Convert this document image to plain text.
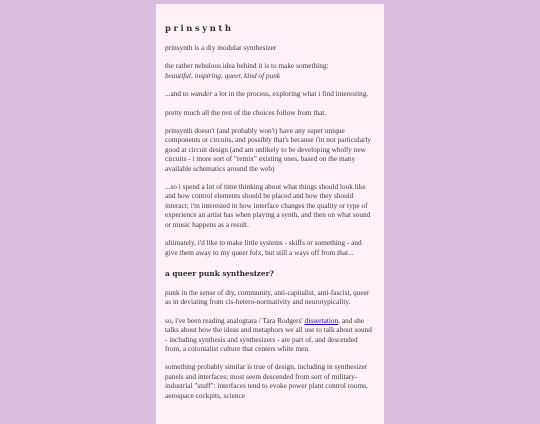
prinsynth

prinsynth is a diy modular synthesizer

the rather nebulous idea behind it is to make something:
beautiful, inspiring, queer, kind of punk

...and to wander a lot in the process, exploring what i find interesting.

pretty much all the rest of the choices follow from that.

prinsynth doesn't (and probably won't) have any super unique components or circuits, and possibly that's because i'm not particularly good at circuit design (and am unlikely to be developing wholly new circuits - i more sort of "remix" existing ones, based on the many available schematics around the web)

...so i spend a lot of time thinking about what things should look like and how control elements should be placed and how they should interact; i'm interested in how interface changes the quality or type of experience an artist has when playing a synth, and then on what sound or music happens as a result.

ultimately, i'd like to make little systems - skiffs or something - and give them away to my queer folx, but still a ways off from that...

a queer punk synthesizer?

punk in the sense of diy, community, anti-capitalist, anti-fascist, queer as in deviating from cis-hetero-normativity and neurotypicality.

so, i've been reading analogtara / Tara Rodgers' dissertation, and she talks about how the ideas and metaphors we all use to talk about sound - including synthesis and synthesizers - are part of, and descended from, a colonialist culture that centers white men.

something probably similar is true of design, including in synthesizer panels and interfaces; most seem descended from sort of military-industrial "stuff": interfaces tend to evoke power plant control rooms, aerospace cockpits, science
